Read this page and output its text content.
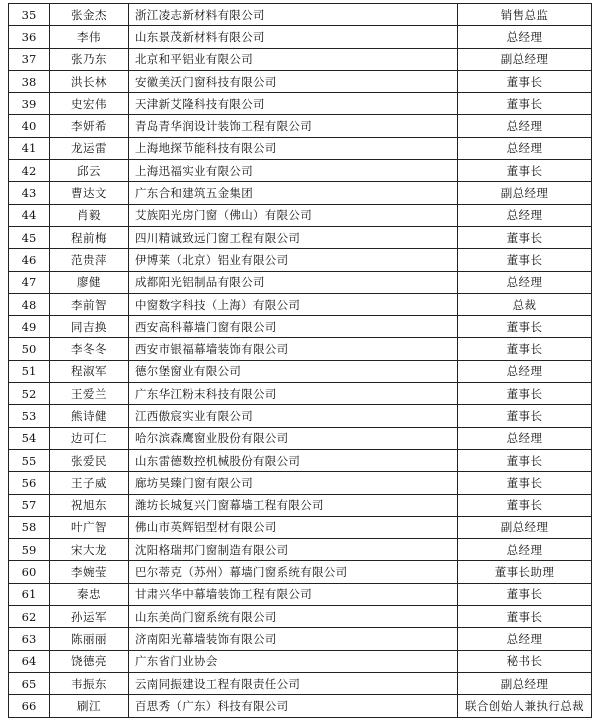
35	张金杰	浙江凌志新材料有限公司	销售总监
36	李伟	山东景茂新材料有限公司	总经理
37	张乃东	北京和平铝业有限公司	副总经理
38	洪长林	安徽美沃门窗科技有限公司	董事长
39	史宏伟	天津新艾隆科技有限公司	董事长
40	李妍希	青岛青华润设计装饰工程有限公司	总经理
41	龙运雷	上海地探节能科技有限公司	总经理
42	邱云	上海迅福实业有限公司	董事长
43	曹达文	广东合和建筑五金集团	副总经理
44	肖毅	艾族阳光房门窗（佛山）有限公司	总经理
45	程前梅	四川精诚致远门窗工程有限公司	董事长
46	范贵萍	伊博莱（北京）铝业有限公司	董事长
47	廖健	成都阳光铝制品有限公司	总经理
48	李前智	中窗数字科技（上海）有限公司	总裁
49	同吉换	西安高科幕墙门窗有限公司	董事长
50	李冬冬	西安市银福幕墙装饰有限公司	董事长
51	程淑军	德尔堡窗业有限公司	总经理
52	王爱兰	广东华江粉末科技有限公司	董事长
53	熊诗健	江西傲宸实业有限公司	董事长
54	边可仁	哈尔滨森鹰窗业股份有限公司	总经理
55	张爱民	山东雷德数控机械股份有限公司	董事长
56	王子威	廊坊昊臻门窗有限公司	董事长
57	祝旭东	潍坊长城复兴门窗幕墙工程有限公司	董事长
58	叶广智	佛山市英辉铝型材有限公司	副总经理
59	宋大龙	沈阳格瑞邦门窗制造有限公司	总经理
60	李婉莹	巴尔蒂克（苏州）幕墙门窗系统有限公司	董事长助理
61	秦忠	甘肃兴华中幕墙装饰工程有限公司	董事长
62	孙运军	山东美尚门窗系统有限公司	董事长
63	陈丽丽	济南阳光幕墙装饰有限公司	总经理
64	饶德亮	广东省门业协会	秘书长
65	韦振东	云南同振建设工程有限责任公司	副总经理
66	刷江	百思秀（广东）科技有限公司	联合创始人兼执行总裁
